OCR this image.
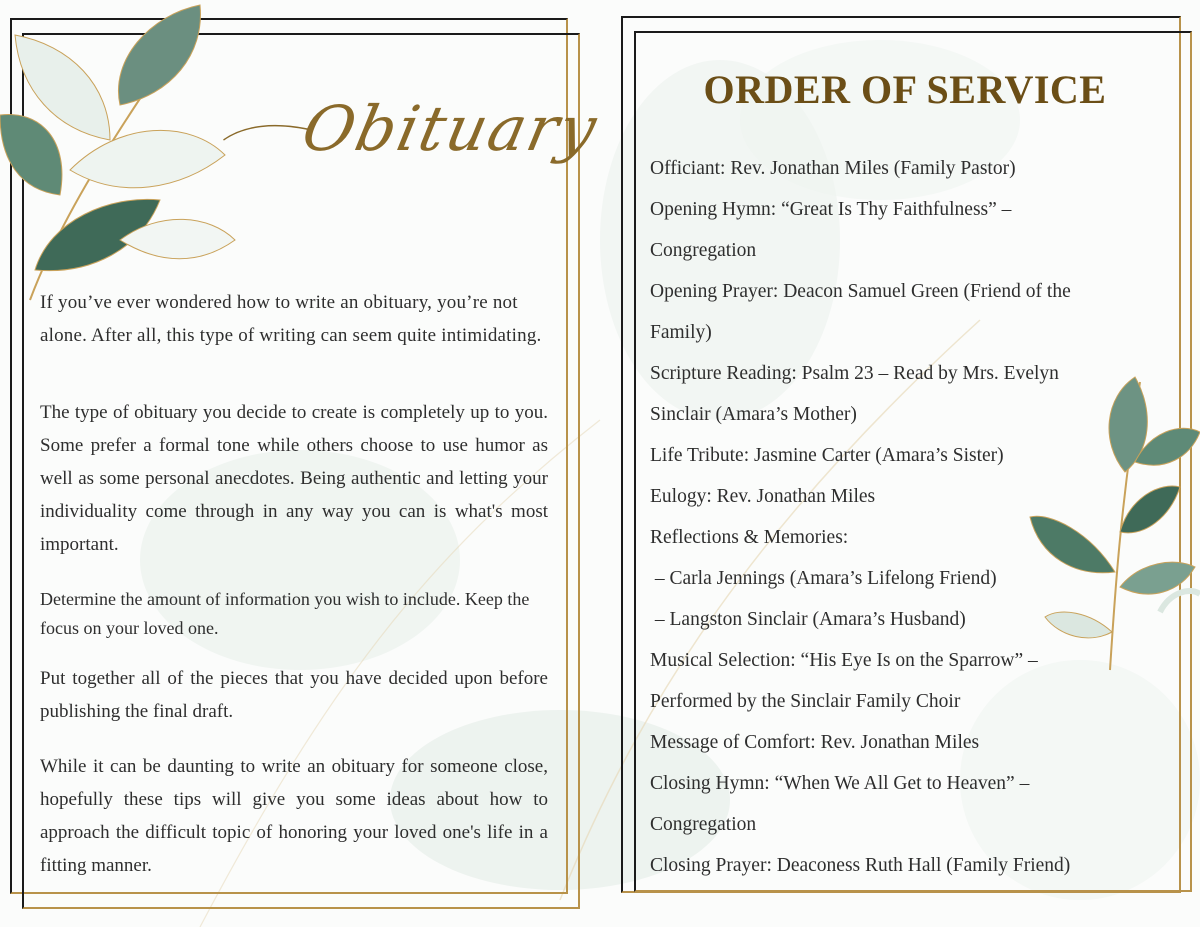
Obituary
If you’ve ever wondered how to write an obituary, you’re not alone. After all, this type of writing can seem quite intimidating.
The type of obituary you decide to create is completely up to you. Some prefer a formal tone while others choose to use humor as well as some personal anecdotes. Being authentic and letting your individuality come through in any way you can is what's most important.
Determine the amount of information you wish to include. Keep the focus on your loved one.
Put together all of the pieces that you have decided upon before publishing the final draft.
While it can be daunting to write an obituary for someone close, hopefully these tips will give you some ideas about how to approach the difficult topic of honoring your loved one's life in a fitting manner.
ORDER OF SERVICE
Officiant: Rev. Jonathan Miles (Family Pastor)
Opening Hymn: “Great Is Thy Faithfulness” –
Congregation
Opening Prayer: Deacon Samuel Green (Friend of the
Family)
Scripture Reading: Psalm 23 – Read by Mrs. Evelyn
Sinclair (Amara’s Mother)
Life Tribute: Jasmine Carter (Amara’s Sister)
Eulogy: Rev. Jonathan Miles
Reflections & Memories:
– Carla Jennings (Amara’s Lifelong Friend)
– Langston Sinclair (Amara’s Husband)
Musical Selection: “His Eye Is on the Sparrow” –
Performed by the Sinclair Family Choir
Message of Comfort: Rev. Jonathan Miles
Closing Hymn: “When We All Get to Heaven” –
Congregation
Closing Prayer: Deaconess Ruth Hall (Family Friend)
